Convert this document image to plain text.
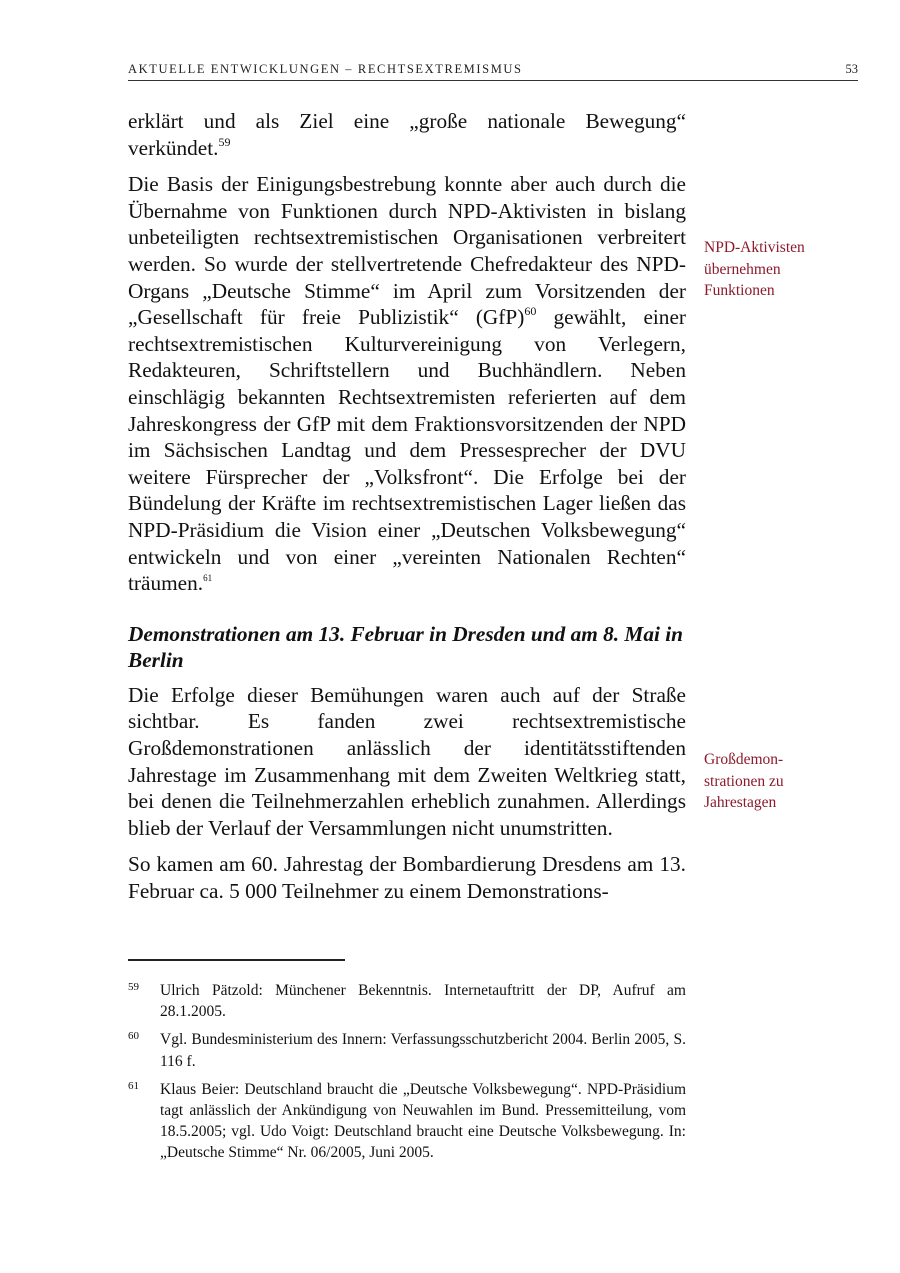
AKTUELLE ENTWICKLUNGEN – RECHTSEXTREMISMUS	53

erklärt und als Ziel eine „große nationale Bewegung“ verkündet.$^{59}$

Die Basis der Einigungsbestrebung konnte aber auch durch die Übernahme von Funktionen durch NPD-Aktivisten in bislang unbeteiligten rechtsextremistischen Organisationen verbreitert werden. So wurde der stellvertretende Chefredakteur des NPD-Organs „Deutsche Stimme“ im April zum Vorsitzenden der „Gesellschaft für freie Publizistik“ (GfP)$^{60}$ gewählt, einer rechtsextremistischen Kulturvereinigung von Verlegern, Redakteuren, Schriftstellern und Buchhändlern. Neben einschlägig bekannten Rechtsextremisten referierten auf dem Jahreskongress der GfP mit dem Fraktionsvorsitzenden der NPD im Sächsischen Landtag und dem Pressesprecher der DVU weitere Fürsprecher der „Volksfront“. Die Erfolge bei der Bündelung der Kräfte im rechtsextremistischen Lager ließen das NPD-Präsidium die Vision einer „Deutschen Volksbewegung“ entwickeln und von einer „vereinten Nationalen Rechten“ träumen.$^{61}$

Demonstrationen am 13. Februar in Dresden und am 8. Mai in Berlin

Die Erfolge dieser Bemühungen waren auch auf der Straße sichtbar. Es fanden zwei rechtsextremistische Großdemonstrationen anlässlich der identitätsstiftenden Jahrestage im Zusammenhang mit dem Zweiten Weltkrieg statt, bei denen die Teilnehmerzahlen erheblich zunahmen. Allerdings blieb der Verlauf der Versammlungen nicht unumstritten.

So kamen am 60. Jahrestag der Bombardierung Dresdens am 13. Februar ca. 5 000 Teilnehmer zu einem Demonstrations-

NPD-Aktivisten
übernehmen
Funktionen
Großdemon-
strationen zu
Jahrestagen
59 Ulrich Pätzold: Münchener Bekenntnis. Internetauftritt der DP, Aufruf am 28.1.2005.
60 Vgl. Bundesministerium des Innern: Verfassungsschutzbericht 2004. Berlin 2005, S. 116 f.
61 Klaus Beier: Deutschland braucht die „Deutsche Volksbewegung“. NPD-Präsidium tagt anlässlich der Ankündigung von Neuwahlen im Bund. Pressemitteilung, vom 18.5.2005; vgl. Udo Voigt: Deutschland braucht eine Deutsche Volksbewegung. In: „Deutsche Stimme“ Nr. 06/2005, Juni 2005.
